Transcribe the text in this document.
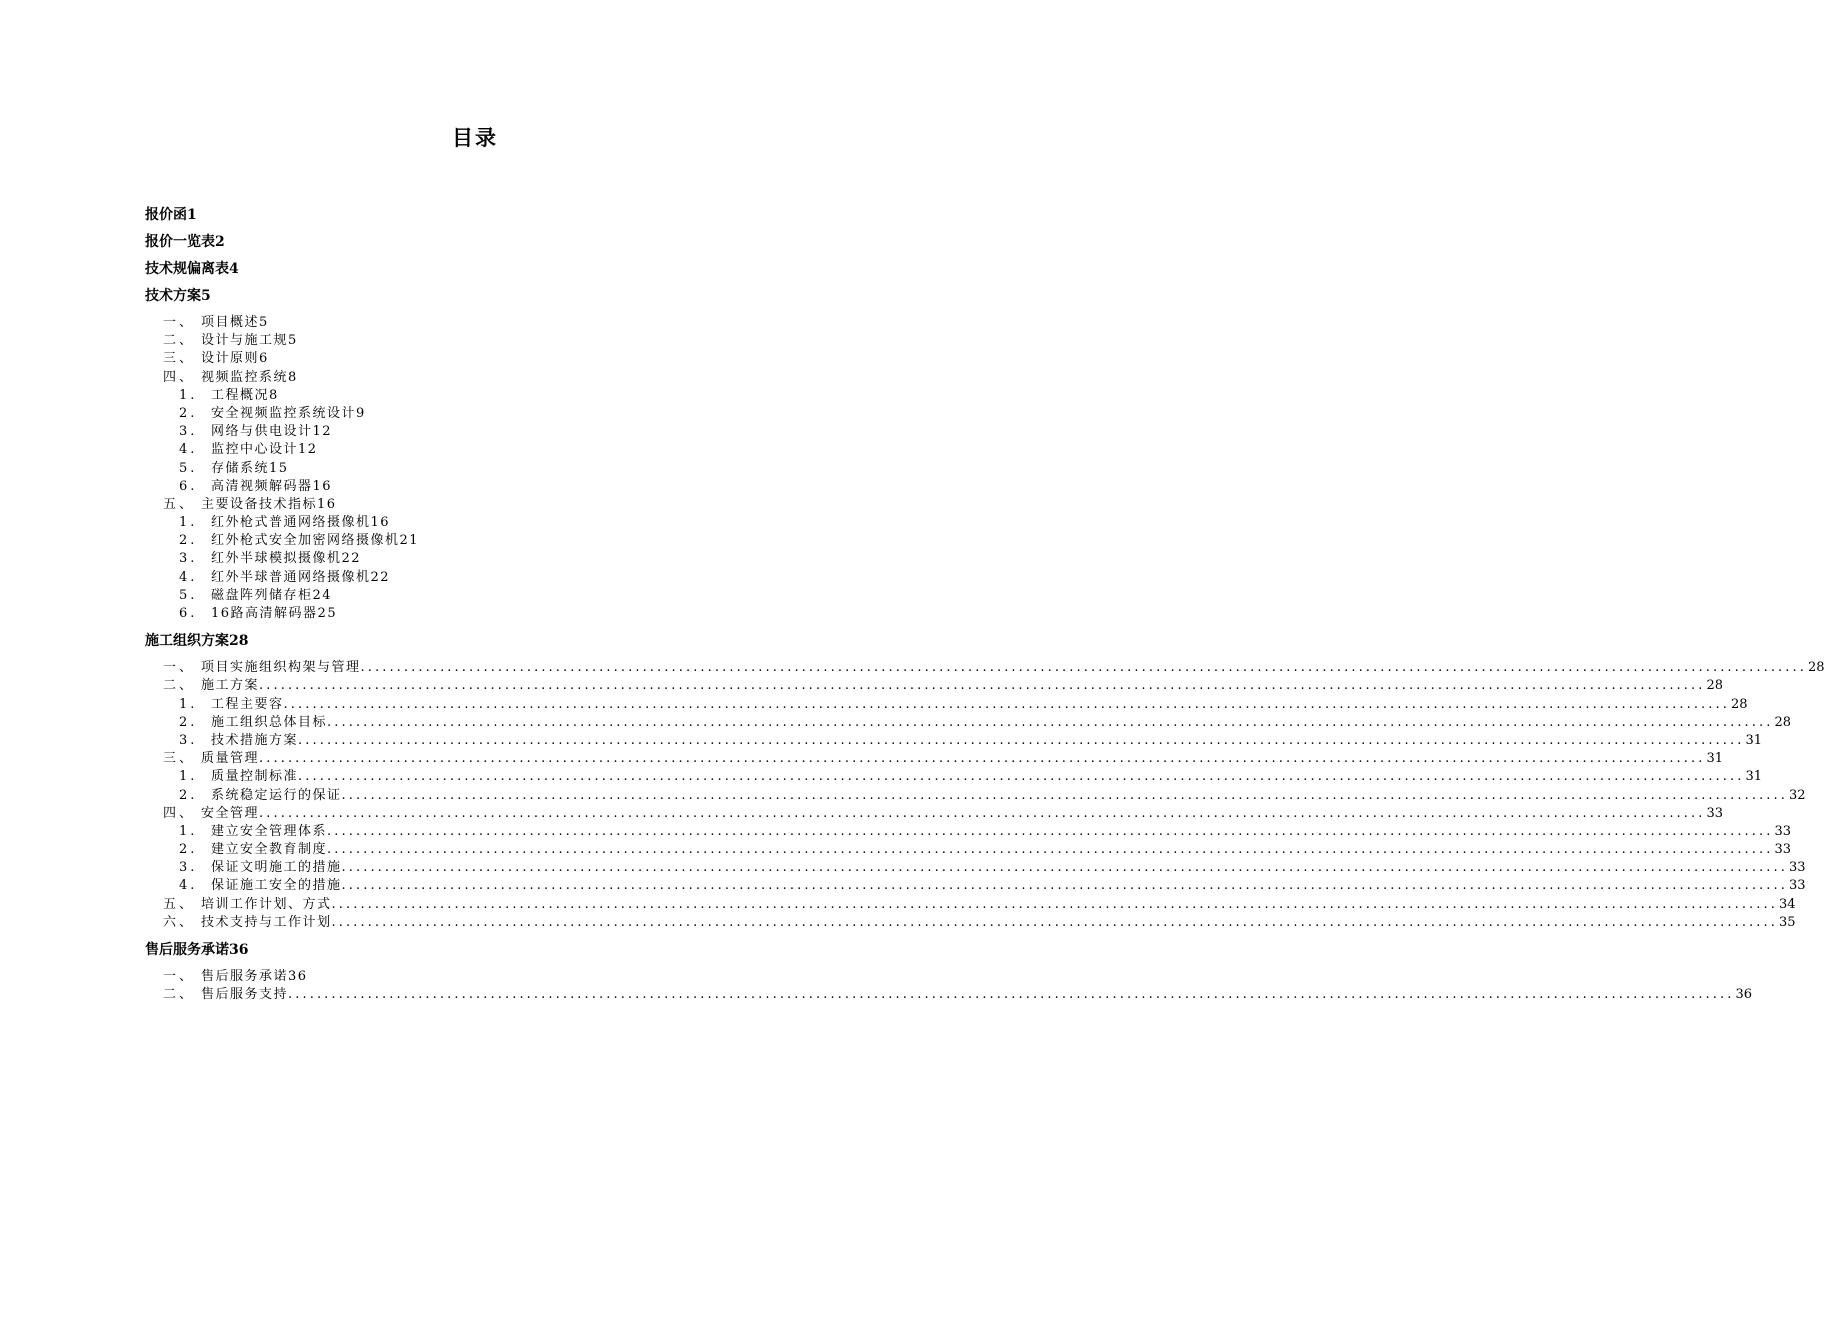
目录
报价函1
报价一览表2
技术规偏离表4
技术方案5
一、 项目概述5
二、 设计与施工规5
三、 设计原则6
四、 视频监控系统8
1. 工程概况8
2. 安全视频监控系统设计9
3. 网络与供电设计12
4. 监控中心设计12
5. 存储系统15
6. 高清视频解码器16
五、 主要设备技术指标16
1. 红外枪式普通网络摄像机16
2. 红外枪式安全加密网络摄像机21
3. 红外半球模拟摄像机22
4. 红外半球普通网络摄像机22
5. 磁盘阵列储存柜24
6. 16路高清解码器25
施工组织方案28
一、 项目实施组织构架与管理 ........................................................................................................................................................................................................ 28
二、 施工方案 ........................................................................................................................................................................................................ 28
1. 工程主要容 ........................................................................................................................................................................................................ 28
2. 施工组织总体目标 ........................................................................................................................................................................................................ 28
3. 技术措施方案 ........................................................................................................................................................................................................ 31
三、 质量管理 ........................................................................................................................................................................................................ 31
1. 质量控制标准 ........................................................................................................................................................................................................ 31
2. 系统稳定运行的保证 ........................................................................................................................................................................................................ 32
四、 安全管理 ........................................................................................................................................................................................................ 33
1. 建立安全管理体系 ........................................................................................................................................................................................................ 33
2. 建立安全教育制度 ........................................................................................................................................................................................................ 33
3. 保证文明施工的措施 ........................................................................................................................................................................................................ 33
4. 保证施工安全的措施 ........................................................................................................................................................................................................ 33
五、 培训工作计划、方式 ........................................................................................................................................................................................................ 34
六、 技术支持与工作计划 ........................................................................................................................................................................................................ 35
售后服务承诺36
一、 售后服务承诺36
二、 售后服务支持 ........................................................................................................................................................................................................ 36
